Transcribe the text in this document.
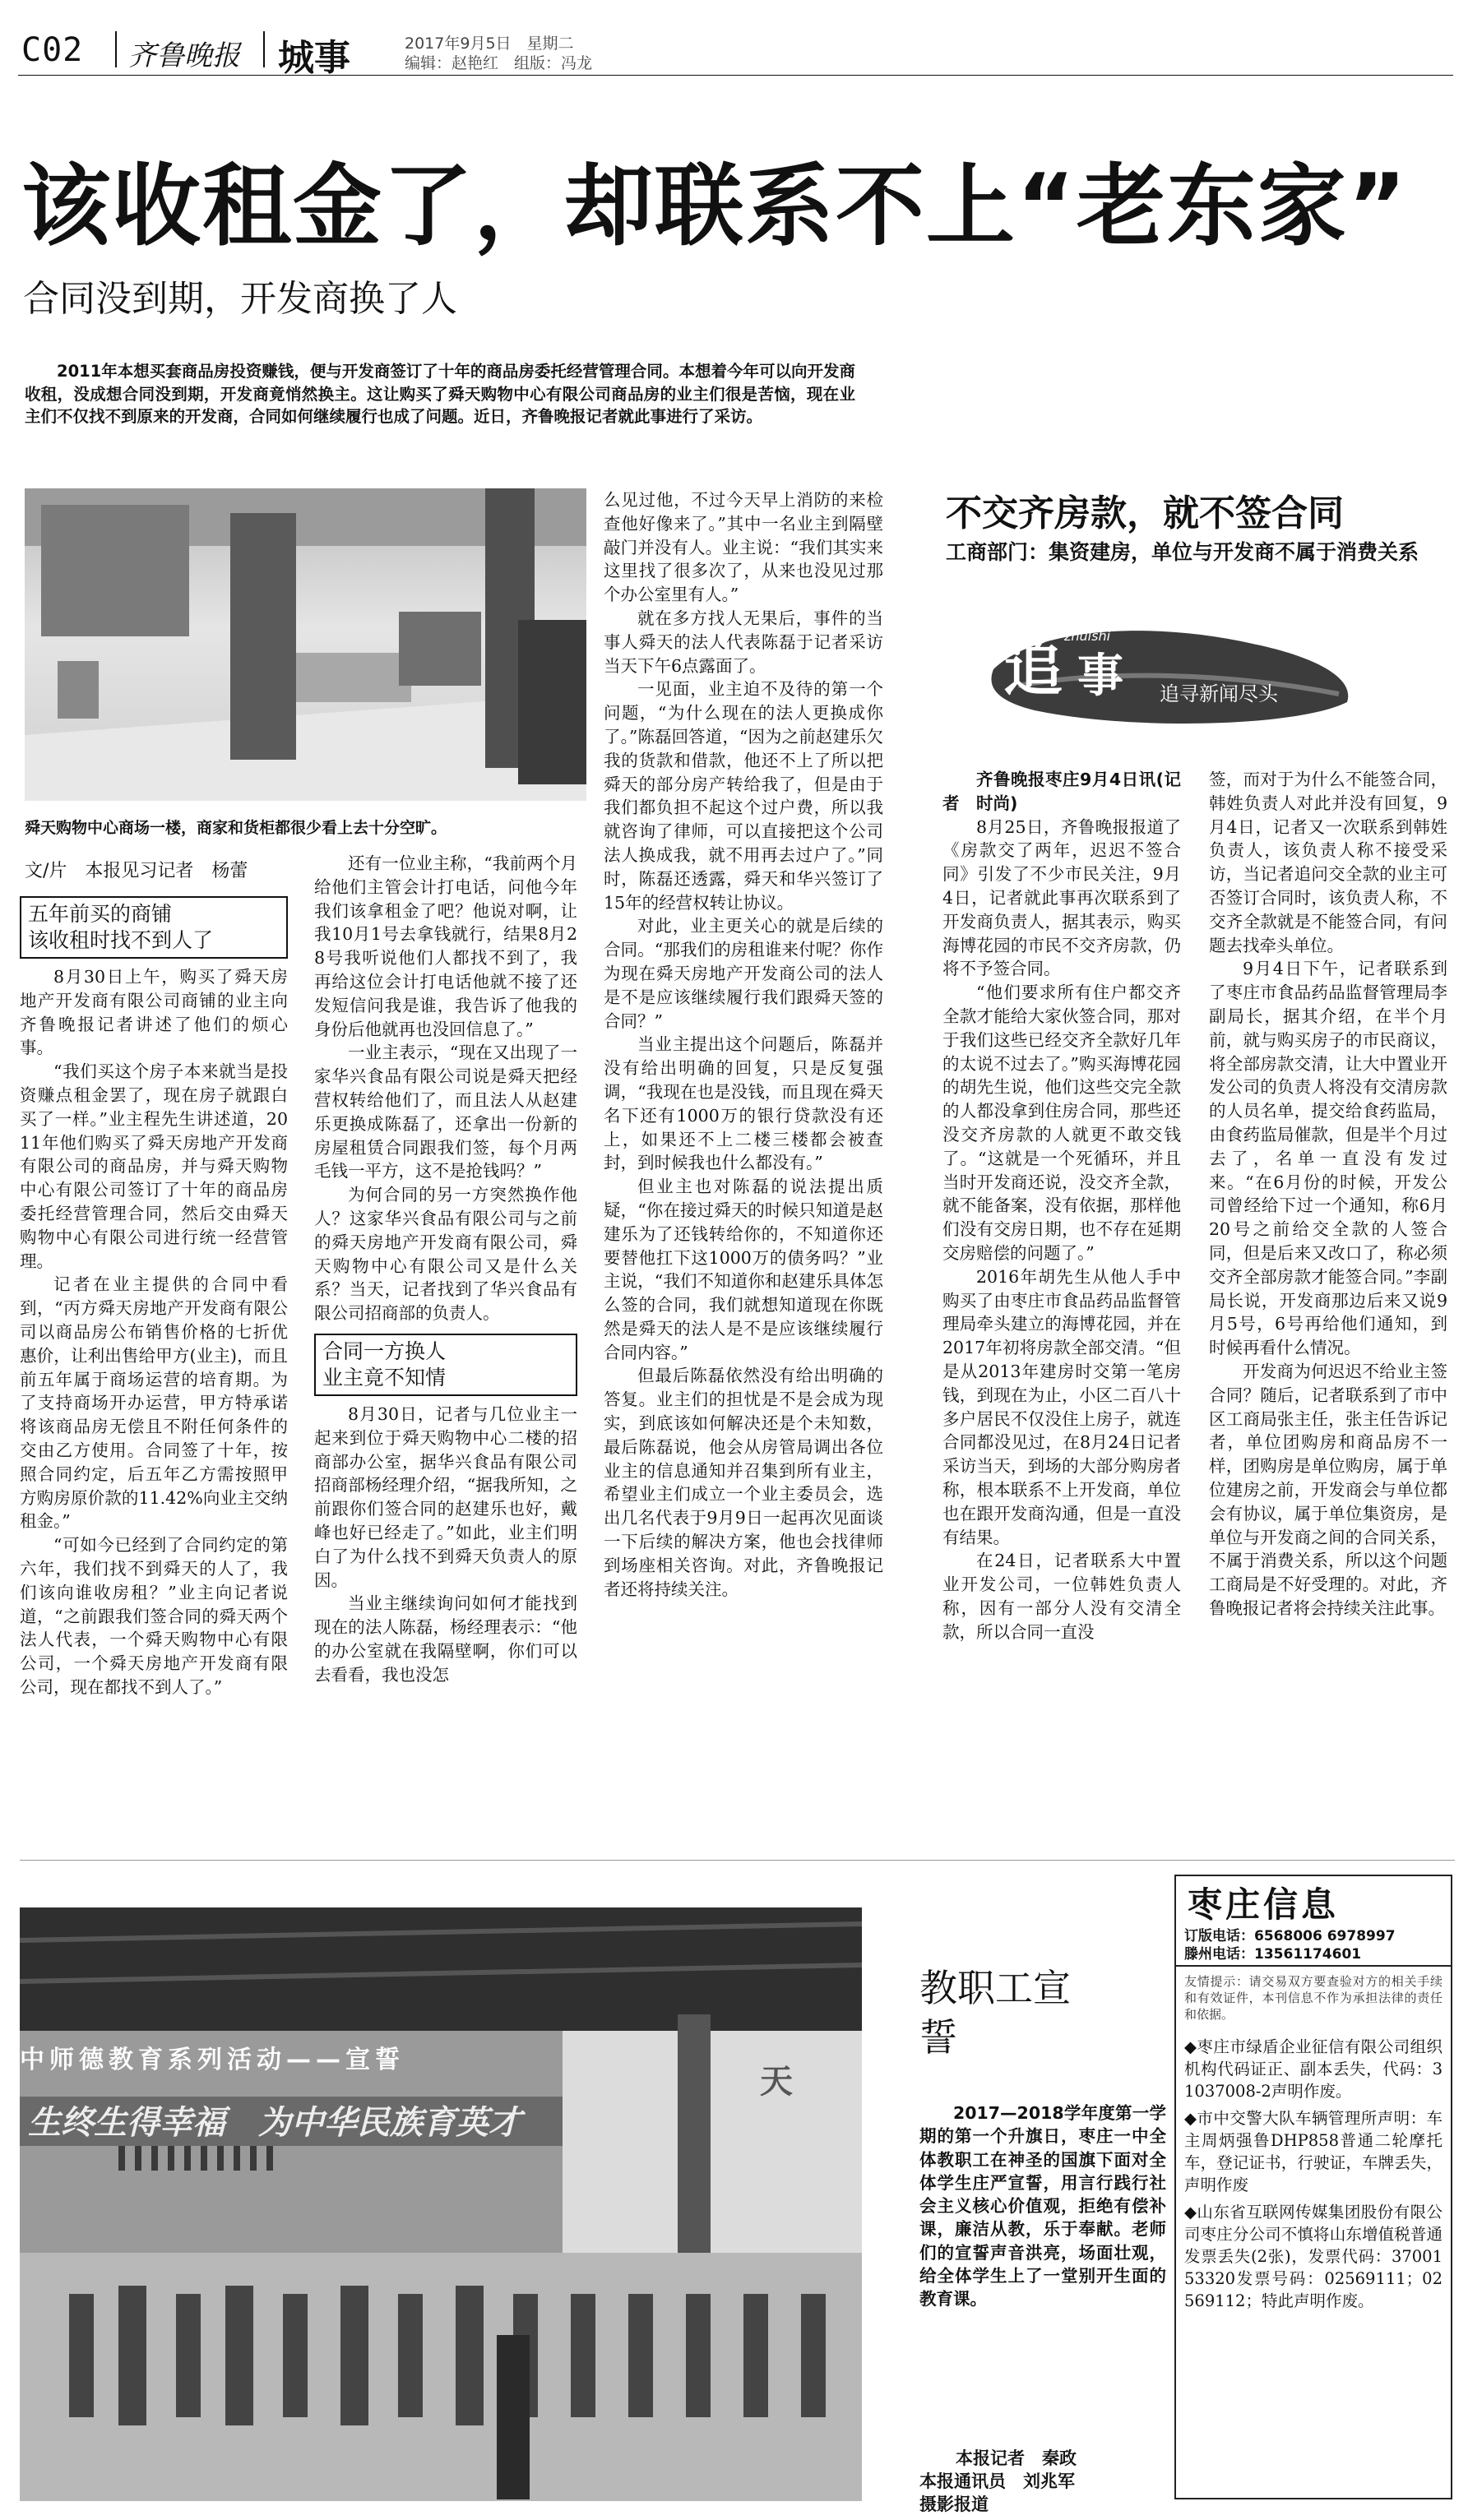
C02 齐鲁晚报 城事	2017年9月5日　星期二
编辑：赵艳红　组版：冯龙
该收租金了，却联系不上“老东家”
合同没到期，开发商换了人

2011年本想买套商品房投资赚钱，便与开发商签订了十年的商品房委托经营管理合同。本想着今年可以向开发商收租，没成想合同没到期，开发商竟悄然换主。这让购买了舜天购物中心有限公司商品房的业主们很是苦恼，现在业主们不仅找不到原来的开发商，合同如何继续履行也成了问题。近日，齐鲁晚报记者就此事进行了采访。

舜天购物中心商场一楼，商家和货柜都很少看上去十分空旷。
文/片　本报见习记者　杨蕾
五年前买的商铺
该收租时找不到人了

8月30日上午，购买了舜天房地产开发商有限公司商铺的业主向齐鲁晚报记者讲述了他们的烦心事。

“我们买这个房子本来就当是投资赚点租金罢了，现在房子就跟白买了一样。”业主程先生讲述道，2011年他们购买了舜天房地产开发商有限公司的商品房，并与舜天购物中心有限公司签订了十年的商品房委托经营管理合同，然后交由舜天购物中心有限公司进行统一经营管理。

记者在业主提供的合同中看到，“丙方舜天房地产开发商有限公司以商品房公布销售价格的七折优惠价，让利出售给甲方(业主)，而且前五年属于商场运营的培育期。为了支持商场开办运营，甲方特承诺将该商品房无偿且不附任何条件的交由乙方使用。合同签了十年，按照合同约定，后五年乙方需按照甲方购房原价款的11.42%向业主交纳租金。”

“可如今已经到了合同约定的第六年，我们找不到舜天的人了，我们该向谁收房租？”业主向记者说道，“之前跟我们签合同的舜天两个法人代表，一个舜天购物中心有限公司，一个舜天房地产开发商有限公司，现在都找不到人了。”

还有一位业主称，“我前两个月给他们主管会计打电话，问他今年我们该拿租金了吧？他说对啊，让我10月1号去拿钱就行，结果8月28号我听说他们人都找不到了，我再给这位会计打电话他就不接了还发短信问我是谁，我告诉了他我的身份后他就再也没回信息了。”

一业主表示，“现在又出现了一家华兴食品有限公司说是舜天把经营权转给他们了，而且法人从赵建乐更换成陈磊了，还拿出一份新的房屋租赁合同跟我们签，每个月两毛钱一平方，这不是抢钱吗？”

为何合同的另一方突然换作他人？这家华兴食品有限公司与之前的舜天房地产开发商有限公司，舜天购物中心有限公司又是什么关系？当天，记者找到了华兴食品有限公司招商部的负责人。

合同一方换人
业主竟不知情

8月30日，记者与几位业主一起来到位于舜天购物中心二楼的招商部办公室，据华兴食品有限公司招商部杨经理介绍，“据我所知，之前跟你们签合同的赵建乐也好，戴峰也好已经走了。”如此，业主们明白了为什么找不到舜天负责人的原因。

当业主继续询问如何才能找到现在的法人陈磊，杨经理表示：“他的办公室就在我隔壁啊，你们可以去看看，我也没怎

么见过他，不过今天早上消防的来检查他好像来了。”其中一名业主到隔壁敲门并没有人。业主说：“我们其实来这里找了很多次了，从来也没见过那个办公室里有人。”

就在多方找人无果后，事件的当事人舜天的法人代表陈磊于记者采访当天下午6点露面了。

一见面，业主迫不及待的第一个问题，“为什么现在的法人更换成你了。”陈磊回答道，“因为之前赵建乐欠我的货款和借款，他还不上了所以把舜天的部分房产转给我了，但是由于我们都负担不起这个过户费，所以我就咨询了律师，可以直接把这个公司法人换成我，就不用再去过户了。”同时，陈磊还透露，舜天和华兴签订了15年的经营权转让协议。

对此，业主更关心的就是后续的合同。“那我们的房租谁来付呢？你作为现在舜天房地产开发商公司的法人是不是应该继续履行我们跟舜天签的合同？”

当业主提出这个问题后，陈磊并没有给出明确的回复，只是反复强调，“我现在也是没钱，而且现在舜天名下还有1000万的银行贷款没有还上，如果还不上二楼三楼都会被查封，到时候我也什么都没有。”

但业主也对陈磊的说法提出质疑，“你在接过舜天的时候只知道是赵建乐为了还钱转给你的，不知道你还要替他扛下这1000万的债务吗？”业主说，“我们不知道你和赵建乐具体怎么签的合同，我们就想知道现在你既然是舜天的法人是不是应该继续履行合同内容。”

但最后陈磊依然没有给出明确的答复。业主们的担忧是不是会成为现实，到底该如何解决还是个未知数，最后陈磊说，他会从房管局调出各位业主的信息通知并召集到所有业主，希望业主们成立一个业主委员会，选出几名代表于9月9日一起再次见面谈一下后续的解决方案，他也会找律师到场座相关咨询。对此，齐鲁晚报记者还将持续关注。

不交齐房款，就不签合同
工商部门：集资建房，单位与开发商不属于消费关系
zhuishi
追 事 追寻新闻尽头

齐鲁晚报枣庄9月4日讯(记者　时尚)

8月25日，齐鲁晚报报道了《房款交了两年，迟迟不签合同》引发了不少市民关注，9月4日，记者就此事再次联系到了开发商负责人，据其表示，购买海博花园的市民不交齐房款，仍将不予签合同。

“他们要求所有住户都交齐全款才能给大家伙签合同，那对于我们这些已经交齐全款好几年的太说不过去了。”购买海博花园的胡先生说，他们这些交完全款的人都没拿到住房合同，那些还没交齐房款的人就更不敢交钱了。“这就是一个死循环，并且当时开发商还说，没交齐全款，就不能备案，没有依据，那样他们没有交房日期，也不存在延期交房赔偿的问题了。”

2016年胡先生从他人手中购买了由枣庄市食品药品监督管理局牵头建立的海博花园，并在2017年初将房款全部交清。“但是从2013年建房时交第一笔房钱，到现在为止，小区二百八十多户居民不仅没住上房子，就连合同都没见过，在8月24日记者采访当天，到场的大部分购房者称，根本联系不上开发商，单位也在跟开发商沟通，但是一直没有结果。

在24日，记者联系大中置业开发公司，一位韩姓负责人称，因有一部分人没有交清全款，所以合同一直没

签，而对于为什么不能签合同，韩姓负责人对此并没有回复，9月4日，记者又一次联系到韩姓负责人，该负责人称不接受采访，当记者追问交全款的业主可否签订合同时，该负责人称，不交齐全款就是不能签合同，有问题去找牵头单位。

9月4日下午，记者联系到了枣庄市食品药品监督管理局李副局长，据其介绍，在半个月前，就与购买房子的市民商议，将全部房款交清，让大中置业开发公司的负责人将没有交清房款的人员名单，提交给食药监局，由食药监局催款，但是半个月过去了，名单一直没有发过来。“在6月份的时候，开发公司曾经给下过一个通知，称6月20号之前给交全款的人签合同，但是后来又改口了，称必须交齐全部房款才能签合同。”李副局长说，开发商那边后来又说9月5号，6号再给他们通知，到时候再看什么情况。

开发商为何迟迟不给业主签合同？随后，记者联系到了市中区工商局张主任，张主任告诉记者，单位团购房和商品房不一样，团购房是单位购房，属于单位建房之前，开发商会与单位都会有协议，属于单位集资房，是单位与开发商之间的合同关系，不属于消费关系，所以这个问题工商局是不好受理的。对此，齐鲁晚报记者将会持续关注此事。

中师德教育系列活动——宣誓
生终生得幸福　为中华民族育英才
天
教职工宣誓

2017—2018学年度第一学期的第一个升旗日，枣庄一中全体教职工在神圣的国旗下面对全体学生庄严宣誓，用言行践行社会主义核心价值观，拒绝有偿补课，廉洁从教，乐于奉献。老师们的宣誓声音洪亮，场面壮观，给全体学生上了一堂别开生面的教育课。

本报记者　秦政
本报通讯员　刘兆军
摄影报道
枣庄信息
订版电话：6568006 6978997
滕州电话：13561174601
友情提示：请交易双方要查验对方的相关手续和有效证件，本刊信息不作为承担法律的责任和依据。
◆枣庄市绿盾企业征信有限公司组织机构代码证正、副本丢失，代码：31037008-2声明作废。
◆市中交警大队车辆管理所声明：车主周炳强鲁DHP858普通二轮摩托车，登记证书，行驶证，车牌丢失，声明作废
◆山东省互联网传媒集团股份有限公司枣庄分公司不慎将山东增值税普通发票丢失(2张)，发票代码：3700153320发票号码：02569111；02569112；特此声明作废。
